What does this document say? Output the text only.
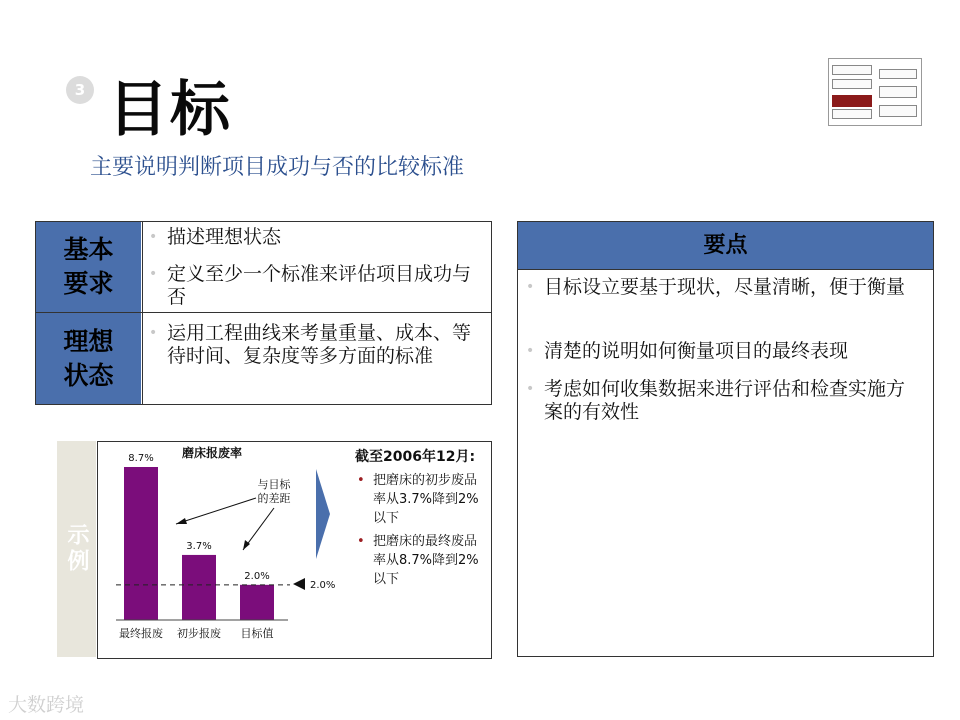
3 目标
主要说明判断项目成功与否的比较标准
基本
要求
• 描述理想状态
• 定义至少一个标准来评估项目成功与否
理想
状态
• 运用工程曲线来考量重量、成本、等待时间、复杂度等多方面的标准
要点
• 目标设立要基于现状，尽量清晰，便于衡量
• 清楚的说明如何衡量项目的最终表现
• 考虑如何收集数据来进行评估和检查实施方案的有效性
示例
磨床报废率
8.7%
最终报废
3.7%
初步报废
2.0%
目标值
与目标
的差距
2.0%
截至2006年12月:
• 把磨床的初步废品率从3.7%降到2%以下
• 把磨床的最终废品率从8.7%降到2%以下
大数跨境
